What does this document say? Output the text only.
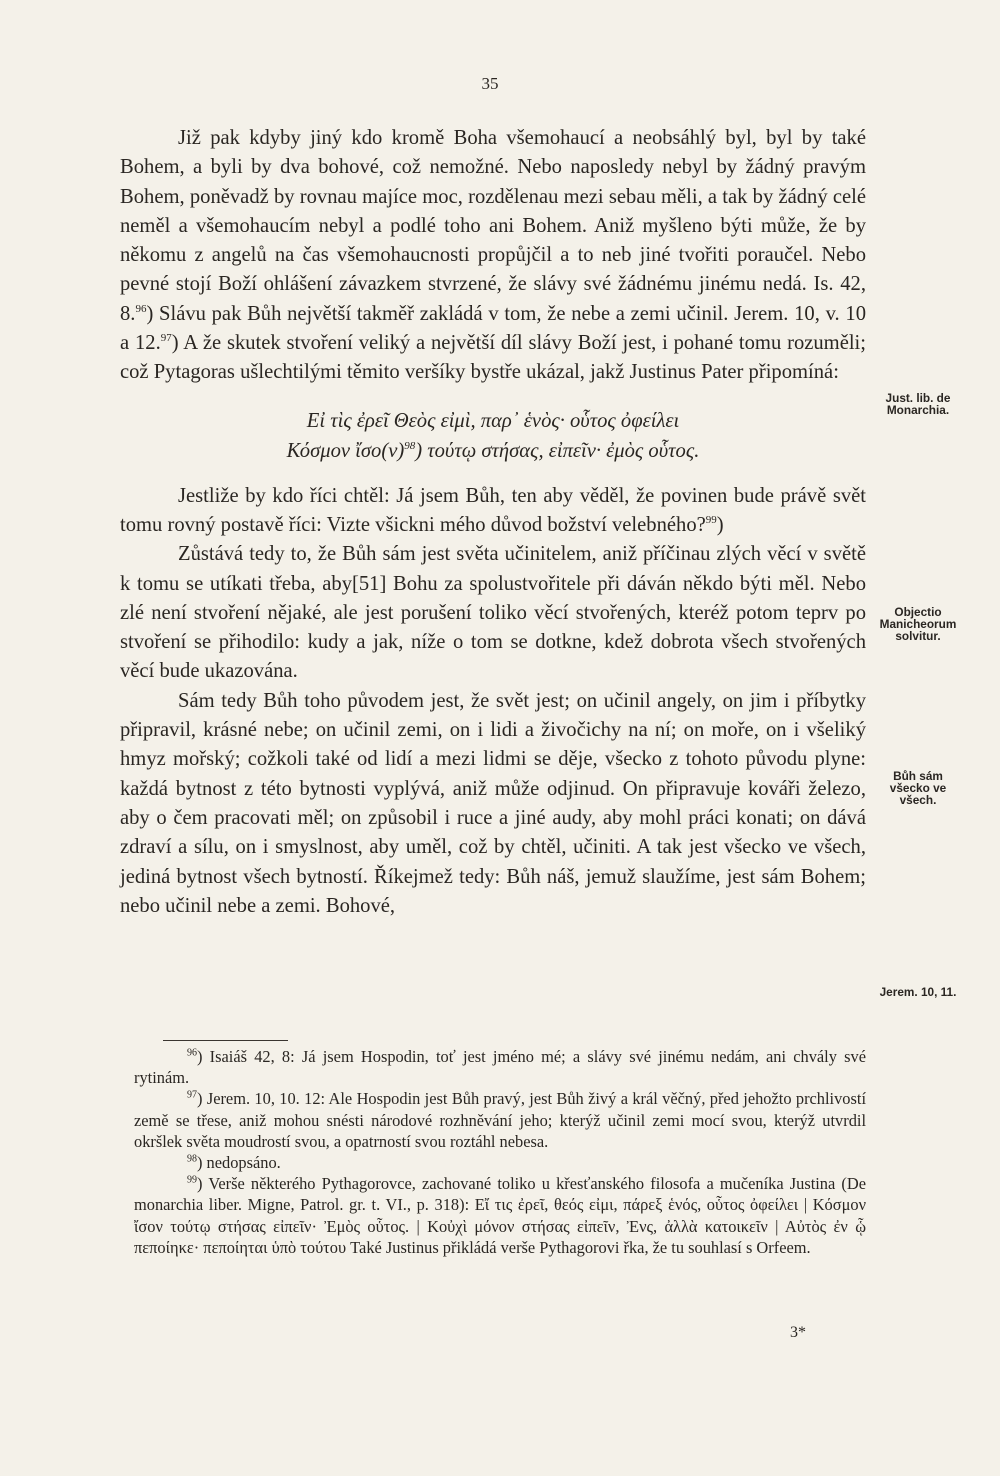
35

Již pak kdyby jiný kdo kromě Boha všemohaucí a neobsáhlý byl, byl by také Bohem, a byli by dva bohové, což nemožné. Nebo naposledy nebyl by žádný pravým Bohem, poněvadž by rovnau majíce moc, rozdělenau mezi sebau měli, a tak by žádný celé neměl a všemohaucím nebyl a podlé toho ani Bohem. Aniž myšleno býti může, že by někomu z angelů na čas všemohaucnosti propůjčil a to neb jiné tvořiti poraučel. Nebo pevné stojí Boží ohlášení závazkem stvrzené, že slávy své žádnému jinému nedá. Is. 42, 8.96) Slávu pak Bůh největší takměř zakládá v tom, že nebe a zemi učinil. Jerem. 10, v. 10 a 12.97) A že skutek stvoření veliký a největší díl slávy Boží jest, i pohané tomu rozuměli; což Pytagoras ušlechtilými těmito veršíky bystře ukázal, jakž Justinus Pater připomíná:

Εἰ τὶς ἐρεῖ Θεὸς εἰμὶ, παρ᾽ ἑνὸς· οὗτος ὀφείλει
Κόσμον $ἴ\sigma o(\nu)^{98}$) τούτῳ στήσας, εἰπεῖν· ἐμὸς οὗτος.

Jestliže by kdo říci chtěl: Já jsem Bůh, ten aby věděl, že povinen bude právě svět tomu rovný postavě říci: Vizte všickni mého důvod božství velebného?$^{99}$)

Zůstává tedy to, že Bůh sám jest světa učinitelem, aniž příčinau zlých věcí v světě k tomu se utíkati třeba, aby[51] Bohu za spolustvořitele při dáván někdo býti měl. Nebo zlé není stvoření nějaké, ale jest porušení toliko věcí stvořených, kteréž potom teprv po stvoření se přihodilo: kudy a jak, níže o tom se dotkne, kdež dobrota všech stvořených věcí bude ukazována.

Sám tedy Bůh toho původem jest, že svět jest; on učinil angely, on jim i příbytky připravil, krásné nebe; on učinil zemi, on i lidi a živočichy na ní; on moře, on i všeliký hmyz mořský; cožkoli také od lidí a mezi lidmi se děje, všecko z tohoto původu plyne: každá bytnost z této bytnosti vyplývá, aniž může odjinud. On připravuje kováři železo, aby o čem pracovati měl; on způsobil i ruce a jiné audy, aby mohl práci konati; on dává zdraví a sílu, on i smyslnost, aby uměl, což by chtěl, učiniti. A tak jest všecko ve všech, jediná bytnost všech bytností. Říkejmež tedy: Bůh náš, jemuž slaužíme, jest sám Bohem; nebo učinil nebe a zemi. Bohové,

Just. lib. de Monarchia.
Objectio Manicheorum solvitur.
Bůh sám všecko ve všech.
Jerem. 10, 11.

$^{96}$) Isaiáš 42, 8: Já jsem Hospodin, toť jest jméno mé; a slávy své jinému nedám, ani chvály své rytinám.

$^{97}$) Jerem. 10, 10. 12: Ale Hospodin jest Bůh pravý, jest Bůh živý a král věčný, před jehožto prchlivostí země se třese, aniž mohou snésti národové rozhněvání jeho; kterýž učinil zemi mocí svou, kterýž utvrdil okršlek světa moudrostí svou, a opatrností svou roztáhl nebesa.

$^{98}$) nedopsáno.

$^{99}$) Verše některého Pythagorovce, zachované toliko u křesťanského filosofa a mučeníka Justina (De monarchia liber. Migne, Patrol. gr. t. VI., p. 318): Εἴ τις ἐρεῖ, θεός εἰμι, πάρεξ ἑνός, οὗτος ὀφείλει | Κόσμον ἴσον τούτῳ στήσας εἰπεῖν· Ἐμὸς οὗτος. | Κοὐχὶ μόνον στήσας εἰπεῖν, Ἐνς, ἀλλὰ κατοικεῖν | Αὐτὸς ἐν ᾧ πεποίηκε· πεποίηται ὑπὸ τούτου Také Justinus přikládá verše Pythagorovi řka, že tu souhlasí s Orfeem.

3*
